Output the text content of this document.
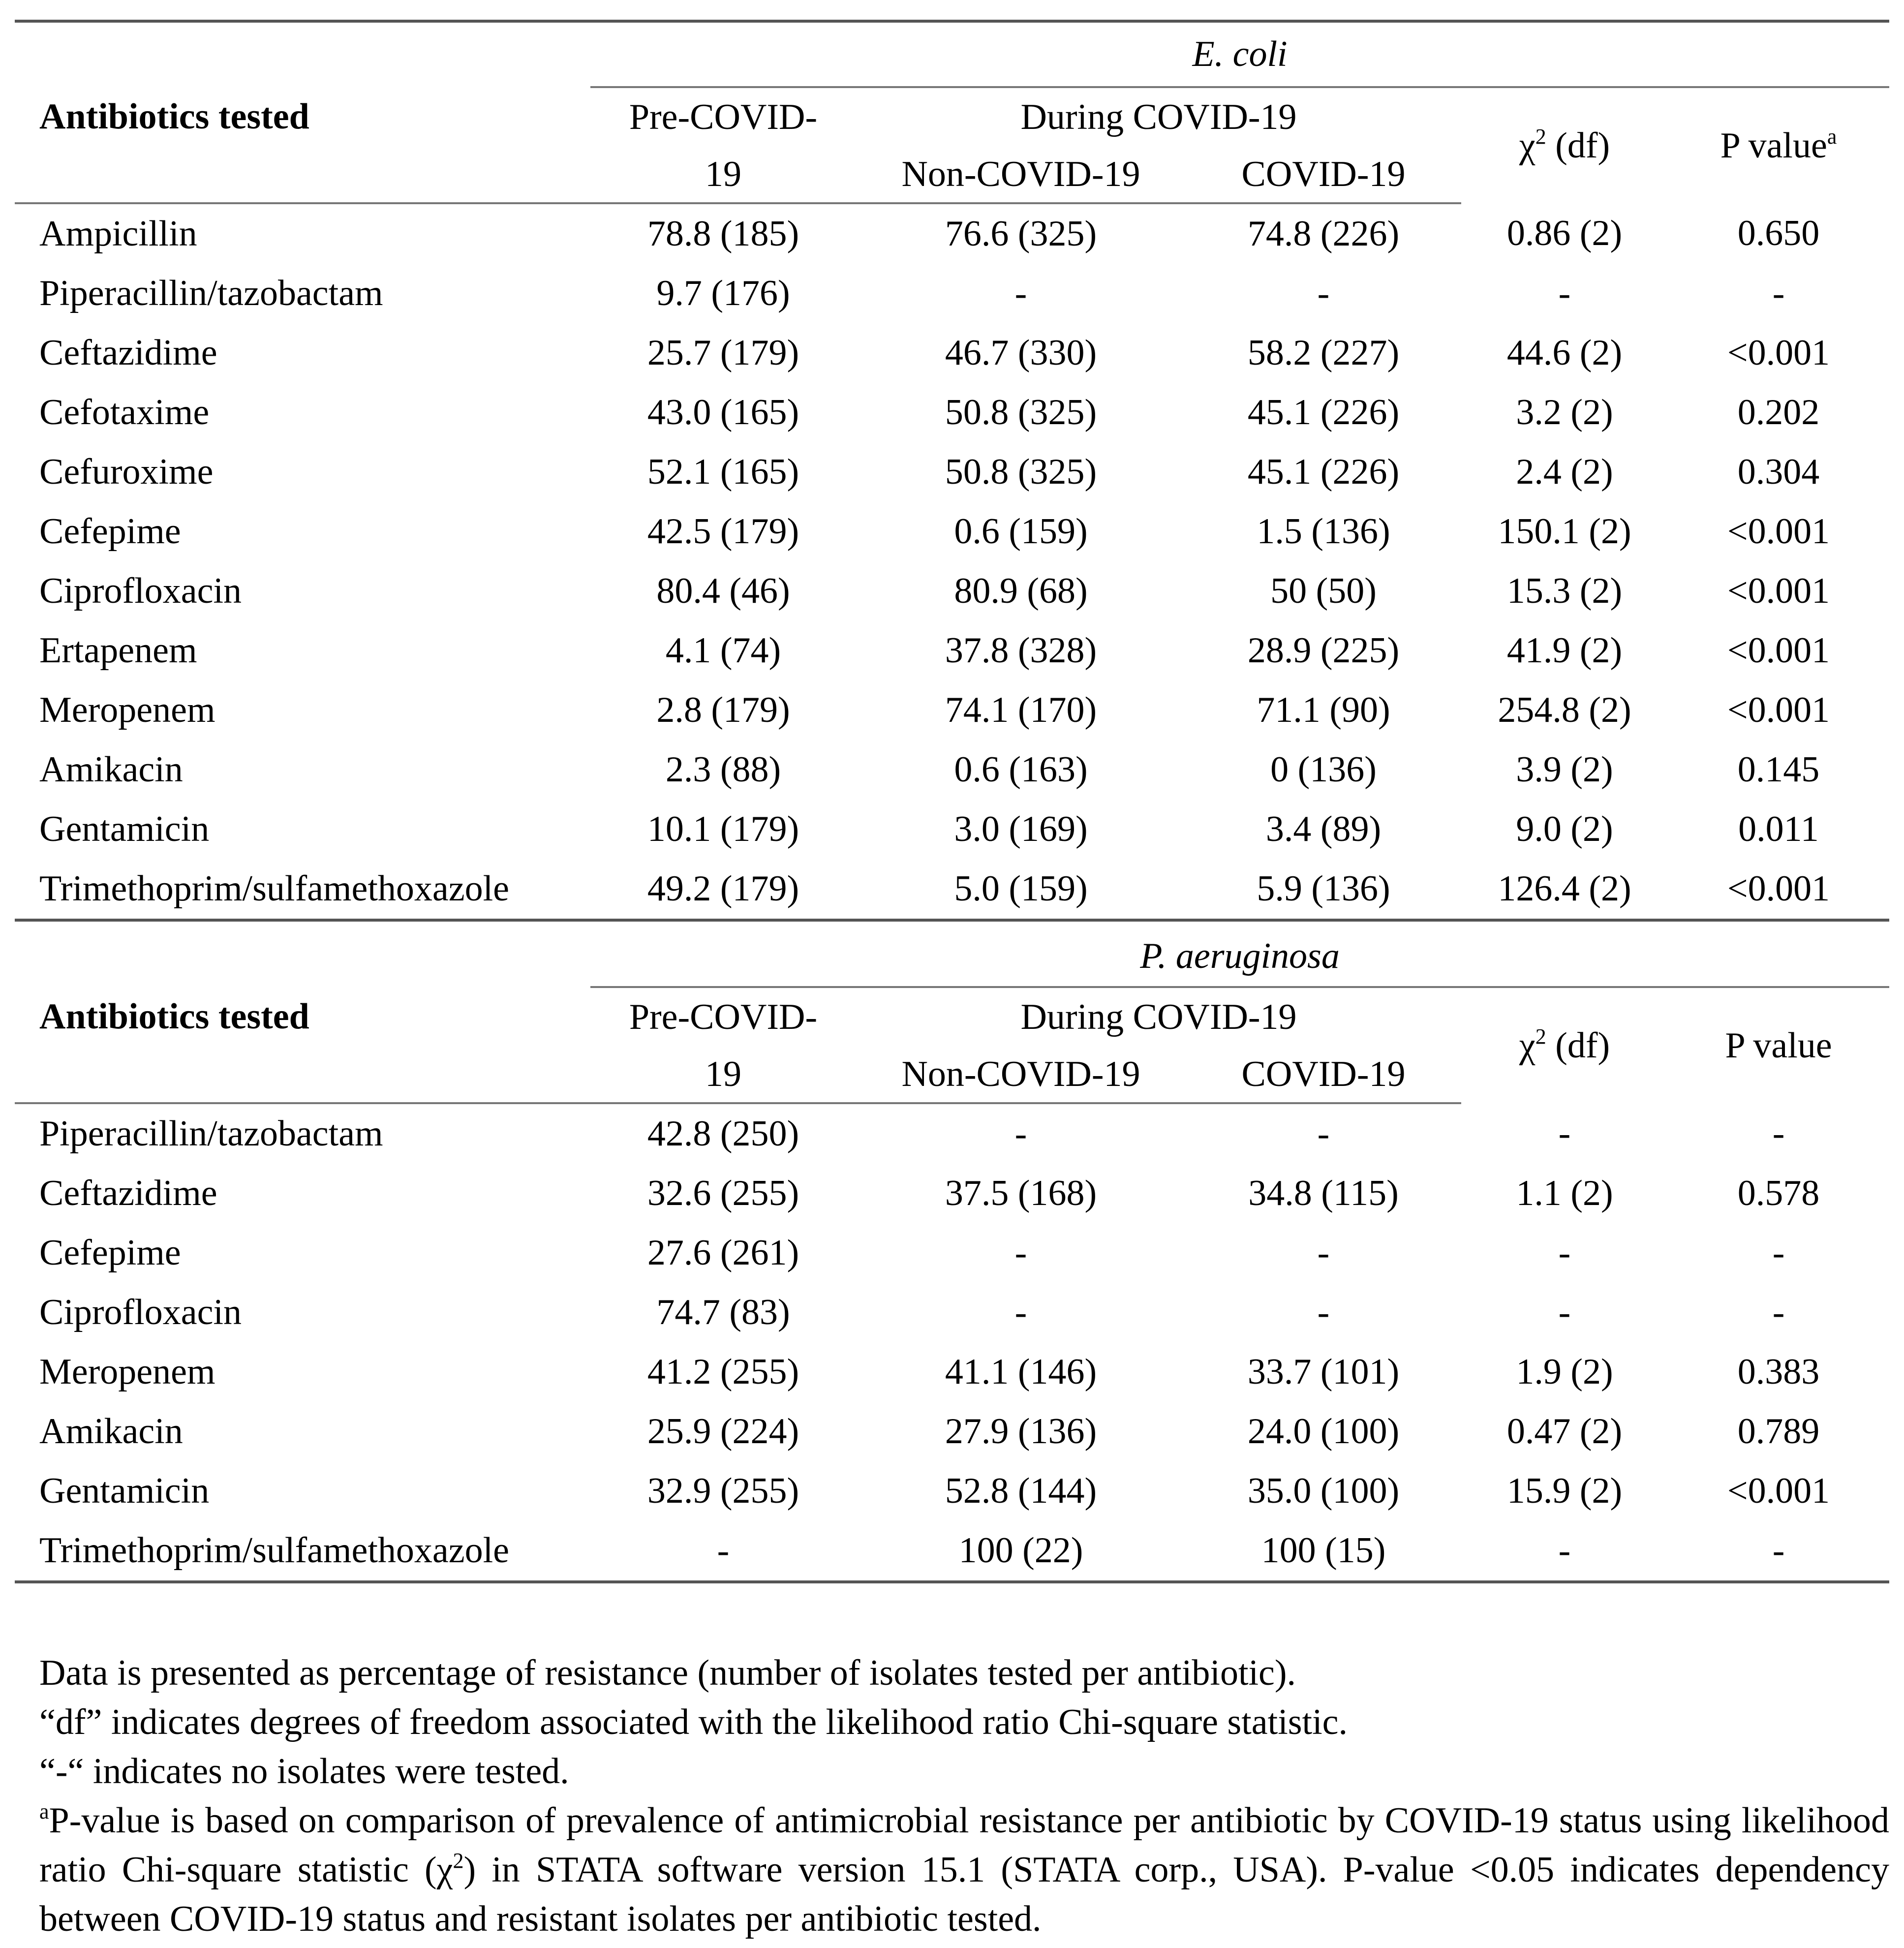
	E. coli				
Antibiotics tested	Pre-COVID-	During COVID-19		$\chi^2$ (df)	P value$^a$
	19	Non-COVID-19	COVID-19		
Ampicillin	78.8 (185)	76.6 (325)	74.8 (226)	0.86 (2)	0.650
Piperacillin/tazobactam	9.7 (176)	-	-	-	-
Ceftazidime	25.7 (179)	46.7 (330)	58.2 (227)	44.6 (2)	<0.001
Cefotaxime	43.0 (165)	50.8 (325)	45.1 (226)	3.2 (2)	0.202
Cefuroxime	52.1 (165)	50.8 (325)	45.1 (226)	2.4 (2)	0.304
Cefepime	42.5 (179)	0.6 (159)	1.5 (136)	150.1 (2)	<0.001
Ciprofloxacin	80.4 (46)	80.9 (68)	50 (50)	15.3 (2)	<0.001
Ertapenem	4.1 (74)	37.8 (328)	28.9 (225)	41.9 (2)	<0.001
Meropenem	2.8 (179)	74.1 (170)	71.1 (90)	254.8 (2)	<0.001
Amikacin	2.3 (88)	0.6 (163)	0 (136)	3.9 (2)	0.145
Gentamicin	10.1 (179)	3.0 (169)	3.4 (89)	9.0 (2)	0.011
Trimethoprim/sulfamethoxazole	49.2 (179)	5.0 (159)	5.9 (136)	126.4 (2)	<0.001
	P. aeruginosa				
Antibiotics tested	Pre-COVID-	During COVID-19		$\chi^2$ (df)	P value
	19	Non-COVID-19	COVID-19		
Piperacillin/tazobactam	42.8 (250)	-	-	-	-
Ceftazidime	32.6 (255)	37.5 (168)	34.8 (115)	1.1 (2)	0.578
Cefepime	27.6 (261)	-	-	-	-
Ciprofloxacin	74.7 (83)	-	-	-	-
Meropenem	41.2 (255)	41.1 (146)	33.7 (101)	1.9 (2)	0.383
Amikacin	25.9 (224)	27.9 (136)	24.0 (100)	0.47 (2)	0.789
Gentamicin	32.9 (255)	52.8 (144)	35.0 (100)	15.9 (2)	<0.001
Trimethoprim/sulfamethoxazole	-	100 (22)	100 (15)	-	-

Data is presented as percentage of resistance (number of isolates tested per antibiotic).

“df” indicates degrees of freedom associated with the likelihood ratio Chi-square statistic.

“-“ indicates no isolates were tested.

$^a$P-value is based on comparison of prevalence of antimicrobial resistance per antibiotic by COVID-19 status using likelihood ratio Chi-square statistic $(\chi^2)$ in STATA software version 15.1 (STATA corp., USA). P-value <0.05 indicates dependency between COVID-19 status and resistant isolates per antibiotic tested.
